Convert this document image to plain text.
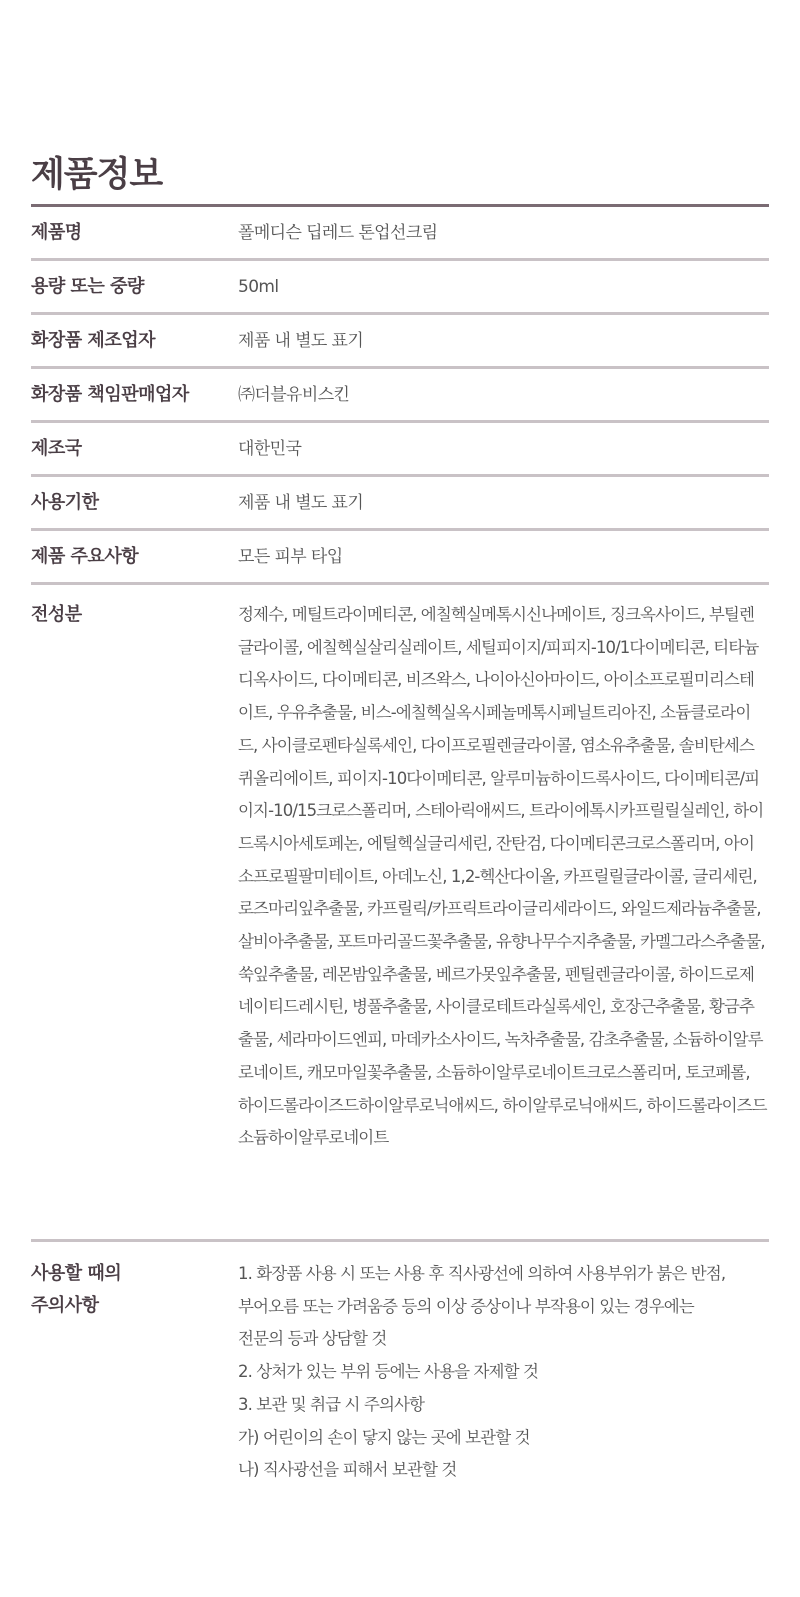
제품정보
제품명	폴메디슨 딥레드 톤업선크림
용량 또는 중량	50ml
화장품 제조업자	제품 내 별도 표기
화장품 책임판매업자	㈜더블유비스킨
제조국	대한민국
사용기한	제품 내 별도 표기
제품 주요사항	모든 피부 타입
전성분	정제수, 메틸트라이메티콘, 에칠헥실메톡시신나메이트, 징크옥사이드, 부틸렌글라이콜, 에칠헥실살리실레이트, 세틸피이지/피피지-10/1다이메티콘, 티타늄디옥사이드, 다이메티콘, 비즈왁스, 나이아신아마이드, 아이소프로필미리스테이트, 우유추출물, 비스-에칠헥실옥시페놀메톡시페닐트리아진, 소듐클로라이드, 사이클로펜타실록세인, 다이프로필렌글라이콜, 염소유추출물, 솔비탄세스퀴올리에이트, 피이지-10다이메티콘, 알루미늄하이드록사이드, 다이메티콘/피이지-10/15크로스폴리머, 스테아릭애씨드, 트라이에톡시카프릴릴실레인, 하이드록시아세토페논, 에틸헥실글리세린, 잔탄검, 다이메티콘크로스폴리머, 아이소프로필팔미테이트, 아데노신, 1,2-헥산다이올, 카프릴릴글라이콜, 글리세린, 로즈마리잎추출물, 카프릴릭/카프릭트라이글리세라이드, 와일드제라늄추출물, 살비아추출물, 포트마리골드꽃추출물, 유향나무수지추출물, 카멜그라스추출물, 쑥잎추출물, 레몬밤잎추출물, 베르가못잎추출물, 펜틸렌글라이콜, 하이드로제네이티드레시틴, 병풀추출물, 사이클로테트라실록세인, 호장근추출물, 황금추출물, 세라마이드엔피, 마데카소사이드, 녹차추출물, 감초추출물, 소듐하이알루로네이트, 캐모마일꽃추출물, 소듐하이알루로네이트크로스폴리머, 토코페롤, 하이드롤라이즈드하이알루로닉애씨드, 하이알루로닉애씨드, 하이드롤라이즈드소듐하이알루로네이트
사용할 때의
주의사항
1. 화장품 사용 시 또는 사용 후 직사광선에 의하여 사용부위가 붉은 반점,
부어오름 또는 가려움증 등의 이상 증상이나 부작용이 있는 경우에는
전문의 등과 상담할 것
2. 상처가 있는 부위 등에는 사용을 자제할 것
3. 보관 및 취급 시 주의사항
가) 어린이의 손이 닿지 않는 곳에 보관할 것
나) 직사광선을 피해서 보관할 것
